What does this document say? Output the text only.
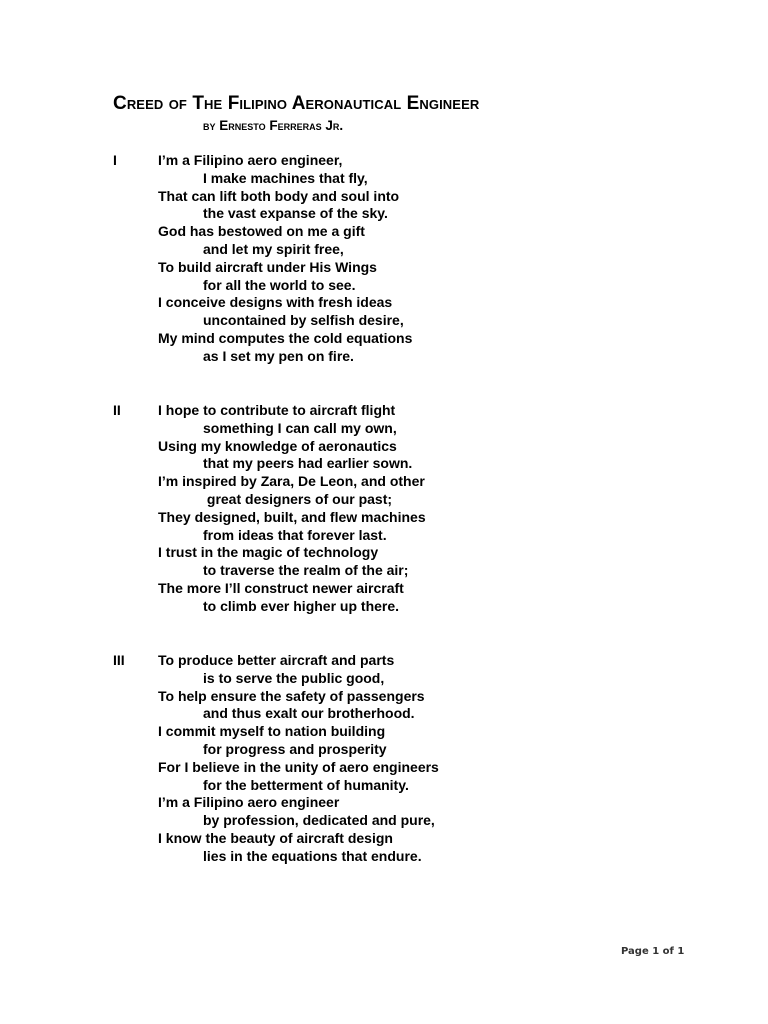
Creed of The Filipino Aeronautical Engineer
by Ernesto Ferreras Jr.
I	I’m a Filipino aero engineer,
I make machines that fly,
That can lift both body and soul into
the vast expanse of the sky.
God has bestowed on me a gift
and let my spirit free,
To build aircraft under His Wings
for all the world to see.
I conceive designs with fresh ideas
uncontained by selfish desire,
My mind computes the cold equations
as I set my pen on fire.
II	I hope to contribute to aircraft flight
something I can call my own,
Using my knowledge of aeronautics
that my peers had earlier sown.
I’m inspired by Zara, De Leon, and other
great designers of our past;
They designed, built, and flew machines
from ideas that forever last.
I trust in the magic of technology
to traverse the realm of the air;
The more I’ll construct newer aircraft
to climb ever higher up there.
III To produce better aircraft and parts
is to serve the public good,
To help ensure the safety of passengers
and thus exalt our brotherhood.
I commit myself to nation building
for progress and prosperity
For I believe in the unity of aero engineers
for the betterment of humanity.
I’m a Filipino aero engineer
by profession, dedicated and pure,
I know the beauty of aircraft design
lies in the equations that endure.
Page 1 of 1
